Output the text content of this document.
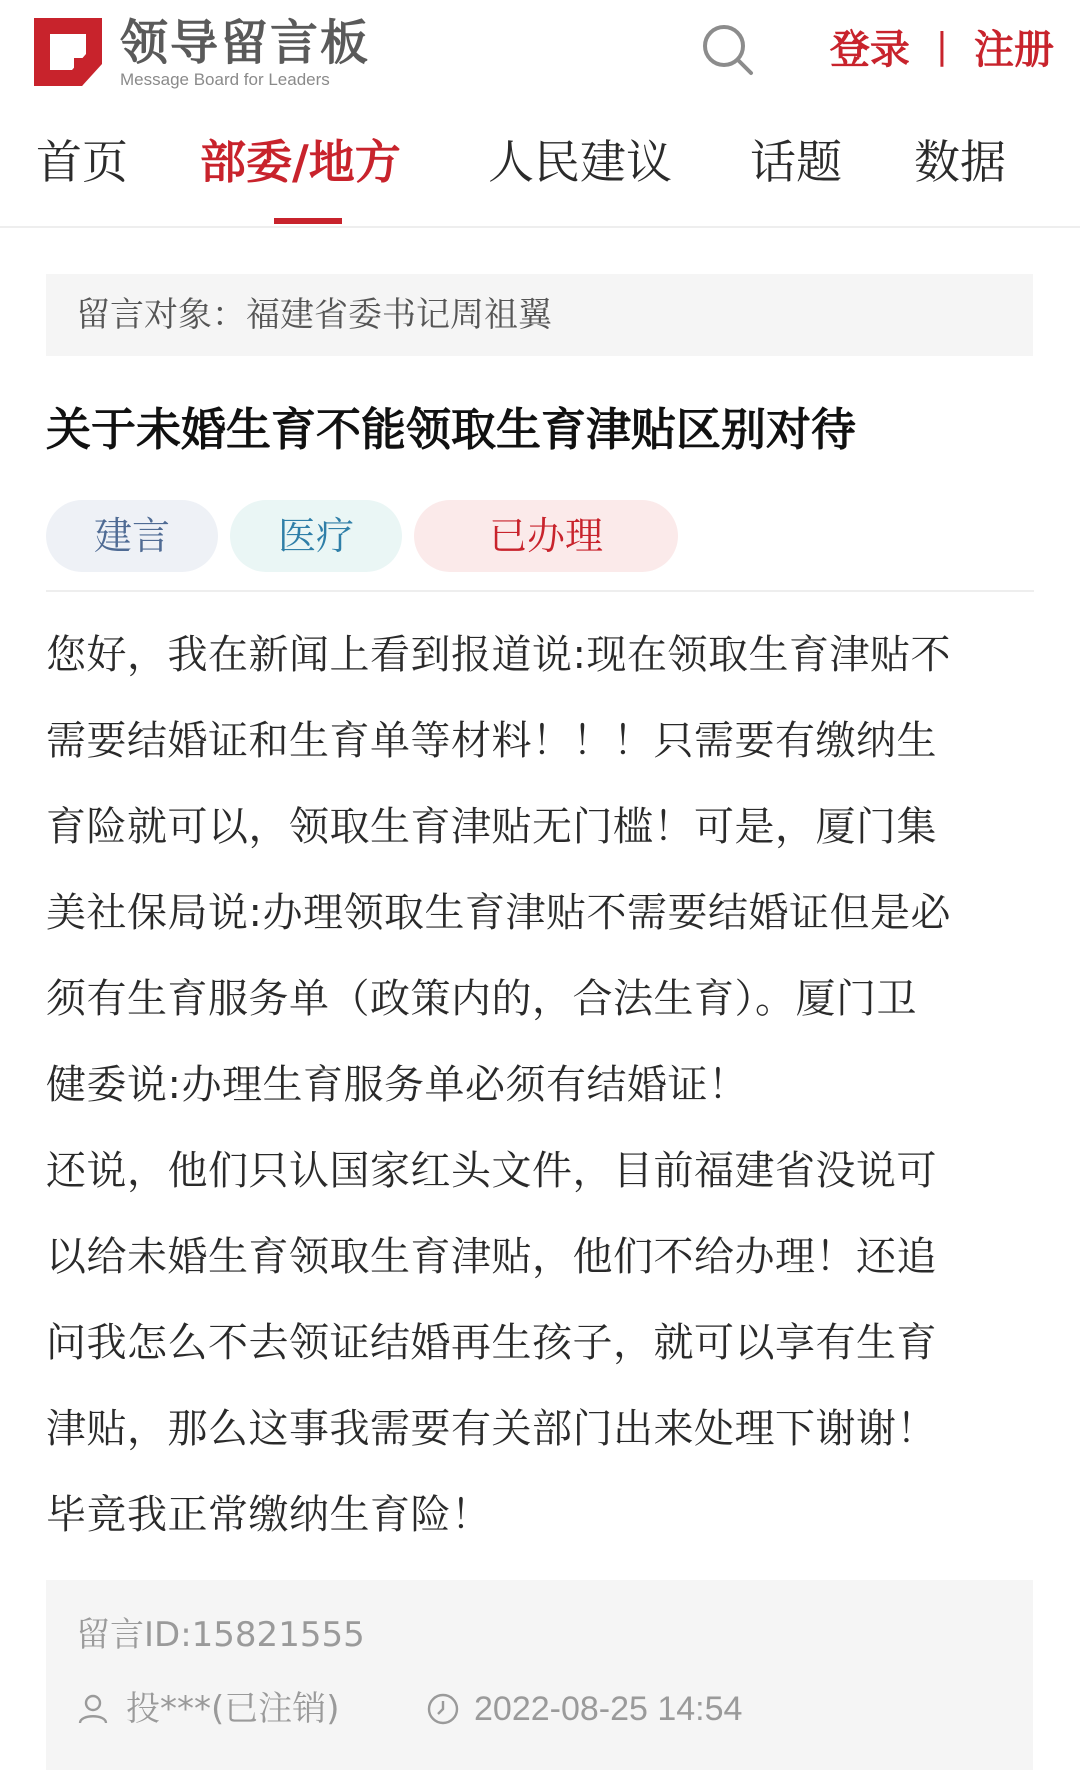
领导留言板
Message Board for Leaders
登录 | 注册
首页 部委/地方 人民建议 话题 数据
留言对象：福建省委书记周祖翼
关于未婚生育不能领取生育津贴区别对待
建言	医疗	已办理

您好，我在新闻上看到报道说:现在领取生育津贴不

需要结婚证和生育单等材料！！！只需要有缴纳生

育险就可以，领取生育津贴无门槛！可是，厦门集

美社保局说:办理领取生育津贴不需要结婚证但是必

须有生育服务单（政策内的，合法生育）。厦门卫

健委说:办理生育服务单必须有结婚证！

还说，他们只认国家红头文件，目前福建省没说可

以给未婚生育领取生育津贴，他们不给办理！还追

问我怎么不去领证结婚再生孩子，就可以享有生育

津贴，那么这事我需要有关部门出来处理下谢谢！

毕竟我正常缴纳生育险！

留言ID:15821555
投***(已注销)	2022-08-25 14:54
